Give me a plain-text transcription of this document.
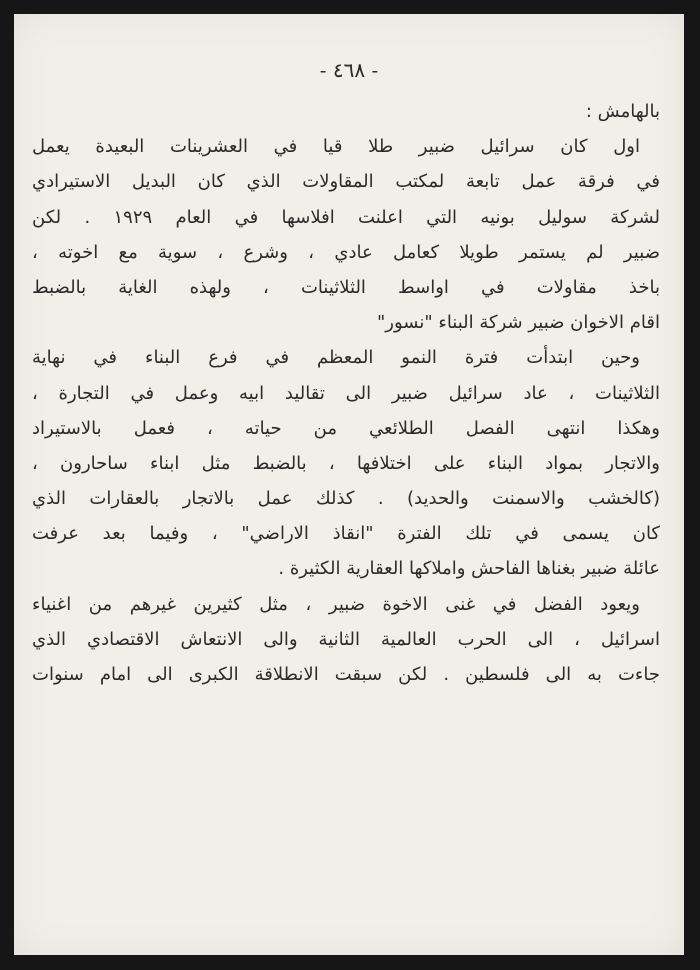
- ٤٦٨ -
بالهامش :
اول كان سرائيل ضبير طلا قيا في العشرينات البعيدة يعمل
في فرقة عمل تابعة لمكتب المقاولات الذي كان البديل الاستيرادي
لشركة سوليل بونيه التي اعلنت افلاسها في العام ١٩٢٩ . لكن
ضبير لم يستمر طويلا كعامل عادي ، وشرع ، سوية مع اخوته ،
باخذ مقاولات في اواسط الثلاثينات ، ولهذه الغاية بالضبط
اقام الاخوان ضبير شركة البناء "نسور"
وحين ابتدأت فترة النمو المعظم في فرع البناء في نهاية
الثلاثينات ، عاد سرائيل ضبير الى تقاليد ابيه وعمل في التجارة ،
وهكذا انتهى الفصل الطلائعي من حياته ، فعمل بالاستيراد
والاتجار بمواد البناء على اختلافها ، بالضبط مثل ابناء ساحارون ،
(كالخشب والاسمنت والحديد) . كذلك عمل بالاتجار بالعقارات الذي
كان يسمى في تلك الفترة "انقاذ الاراضي" ، وفيما بعد عرفت
عائلة ضبير بغناها الفاحش واملاكها العقارية الكثيرة .
ويعود الفضل في غنى الاخوة ضبير ، مثل كثيرين غيرهم من اغنياء
اسرائيل ، الى الحرب العالمية الثانية والى الانتعاش الاقتصادي الذي
جاءت به الى فلسطين . لكن سبقت الانطلاقة الكبرى الى امام سنوات
